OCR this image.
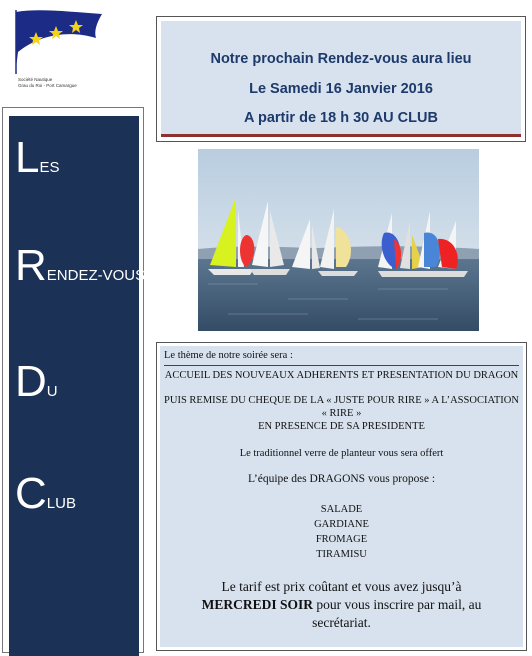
Société Nautique
Grau du Roi - Port Camargue
LES
RENDEZ-VOUS
DU
CLUB
Notre prochain Rendez-vous aura lieu
Le Samedi 16 Janvier 2016
A partir de 18 h 30 AU CLUB
Le thème de notre soirée sera :
ACCUEIL DES NOUVEAUX ADHERENTS ET PRESENTATION DU DRAGON
PUIS REMISE DU CHEQUE DE LA « JUSTE POUR RIRE » A L’ASSOCIATION
« RIRE »
EN PRESENCE DE SA PRESIDENTE
Le traditionnel verre de planteur vous sera offert
L’équipe des DRAGONS vous propose :
SALADE
GARDIANE
FROMAGE
TIRAMISU
Le tarif est prix coûtant et vous avez jusqu’à
MERCREDI SOIR pour vous inscrire par mail, au
secrétariat.
